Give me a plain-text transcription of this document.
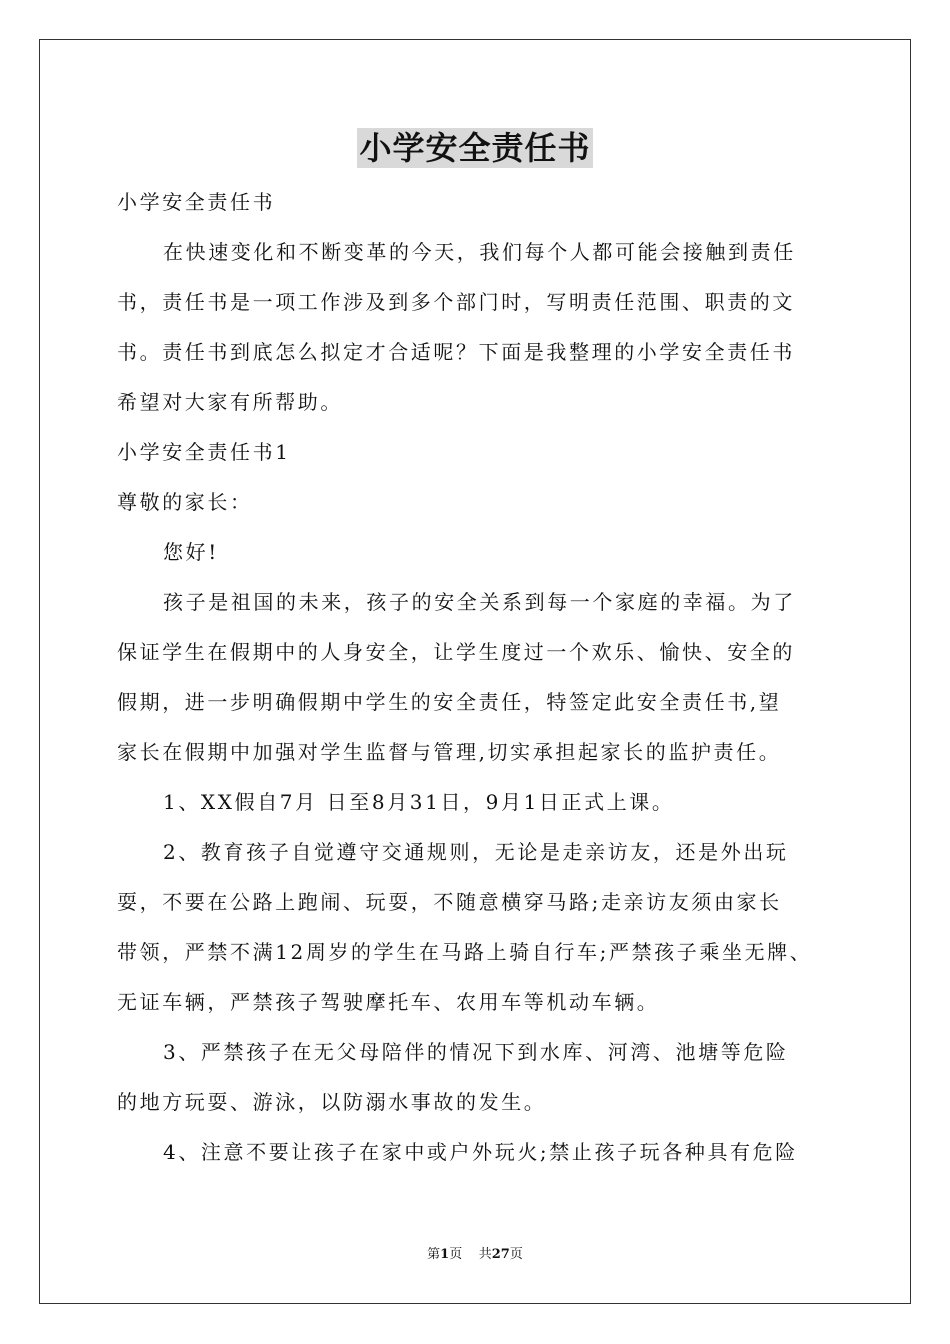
小学安全责任书

小学安全责任书

在快速变化和不断变革的今天，我们每个人都可能会接触到责任

书，责任书是一项工作涉及到多个部门时，写明责任范围、职责的文

书。责任书到底怎么拟定才合适呢？下面是我整理的小学安全责任书

希望对大家有所帮助。

小学安全责任书1

尊敬的家长：

您好!

孩子是祖国的未来，孩子的安全关系到每一个家庭的幸福。为了

保证学生在假期中的人身安全，让学生度过一个欢乐、愉快、安全的

假期，进一步明确假期中学生的安全责任，特签定此安全责任书,望

家长在假期中加强对学生监督与管理,切实承担起家长的监护责任。

1、XX假自7月 日至8月31日，9月1日正式上课。

2、教育孩子自觉遵守交通规则，无论是走亲访友，还是外出玩

耍，不要在公路上跑闹、玩耍，不随意横穿马路;走亲访友须由家长

带领，严禁不满12周岁的学生在马路上骑自行车;严禁孩子乘坐无牌、

无证车辆，严禁孩子驾驶摩托车、农用车等机动车辆。

3、严禁孩子在无父母陪伴的情况下到水库、河湾、池塘等危险

的地方玩耍、游泳，以防溺水事故的发生。

4、注意不要让孩子在家中或户外玩火;禁止孩子玩各种具有危险

第1页 共27页
